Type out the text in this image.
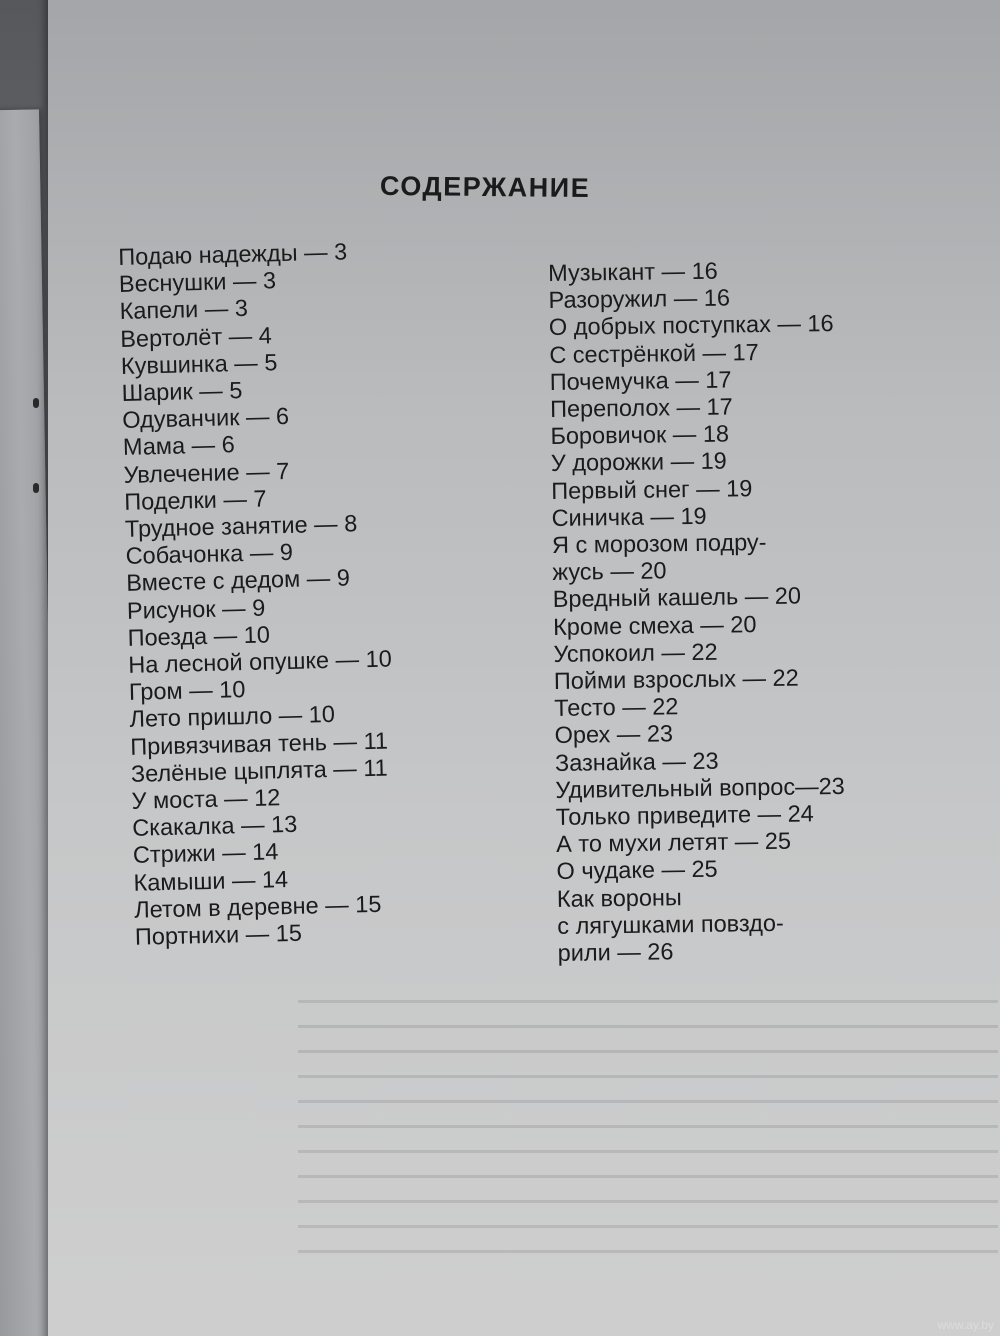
СОДЕРЖАНИЕ
Подаю надежды — 3
Веснушки — 3
Капели — 3
Вертолёт — 4
Кувшинка — 5
Шарик — 5
Одуванчик — 6
Мама — 6
Увлечение — 7
Поделки — 7
Трудное занятие — 8
Собачонка — 9
Вместе с дедом — 9
Рисунок — 9
Поезда — 10
На лесной опушке — 10
Гром — 10
Лето пришло — 10
Привязчивая тень — 11
Зелёные цыплята — 11
У моста — 12
Скакалка — 13
Стрижи — 14
Камыши — 14
Летом в деревне — 15
Портнихи — 15
Музыкант — 16
Разоружил — 16
О добрых поступках — 16
С сестрёнкой — 17
Почемучка — 17
Переполох — 17
Боровичок — 18
У дорожки — 19
Первый снег — 19
Синичка — 19
Я с морозом подру-
жусь — 20
Вредный кашель — 20
Кроме смеха — 20
Успокоил — 22
Пойми взрослых — 22
Тесто — 22
Орех — 23
Зазнайка — 23
Удивительный вопрос—23
Только приведите — 24
А то мухи летят — 25
О чудаке — 25
Как вороны
с лягушками повздо-
рили — 26
www.ay.by
